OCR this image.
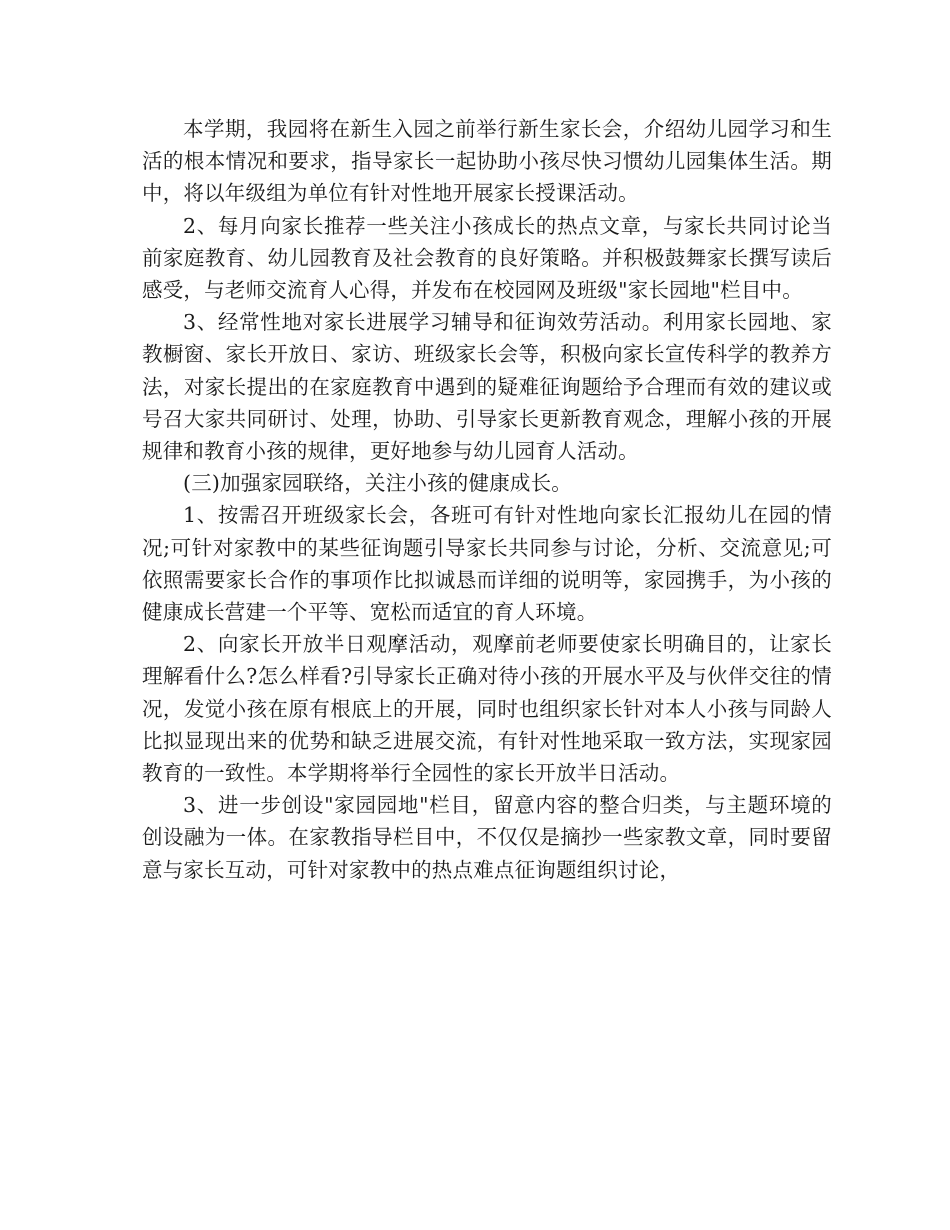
本学期，我园将在新生入园之前举行新生家长会，介绍幼儿园学习和生活的根本情况和要求，指导家长一起协助小孩尽快习惯幼儿园集体生活。期中，将以年级组为单位有针对性地开展家长授课活动。

2、每月向家长推荐一些关注小孩成长的热点文章，与家长共同讨论当前家庭教育、幼儿园教育及社会教育的良好策略。并积极鼓舞家长撰写读后感受，与老师交流育人心得，并发布在校园网及班级"家长园地"栏目中。

3、经常性地对家长进展学习辅导和征询效劳活动。利用家长园地、家教橱窗、家长开放日、家访、班级家长会等，积极向家长宣传科学的教养方法，对家长提出的在家庭教育中遇到的疑难征询题给予合理而有效的建议或号召大家共同研讨、处理，协助、引导家长更新教育观念，理解小孩的开展规律和教育小孩的规律，更好地参与幼儿园育人活动。

(三)加强家园联络，关注小孩的健康成长。

1、按需召开班级家长会，各班可有针对性地向家长汇报幼儿在园的情况;可针对家教中的某些征询题引导家长共同参与讨论，分析、交流意见;可依照需要家长合作的事项作比拟诚恳而详细的说明等，家园携手，为小孩的健康成长营建一个平等、宽松而适宜的育人环境。

2、向家长开放半日观摩活动，观摩前老师要使家长明确目的，让家长理解看什么?怎么样看?引导家长正确对待小孩的开展水平及与伙伴交往的情况，发觉小孩在原有根底上的开展，同时也组织家长针对本人小孩与同龄人比拟显现出来的优势和缺乏进展交流，有针对性地采取一致方法，实现家园教育的一致性。本学期将举行全园性的家长开放半日活动。

3、进一步创设"家园园地"栏目，留意内容的整合归类，与主题环境的创设融为一体。在家教指导栏目中，不仅仅是摘抄一些家教文章，同时要留意与家长互动，可针对家教中的热点难点征询题组织讨论，
